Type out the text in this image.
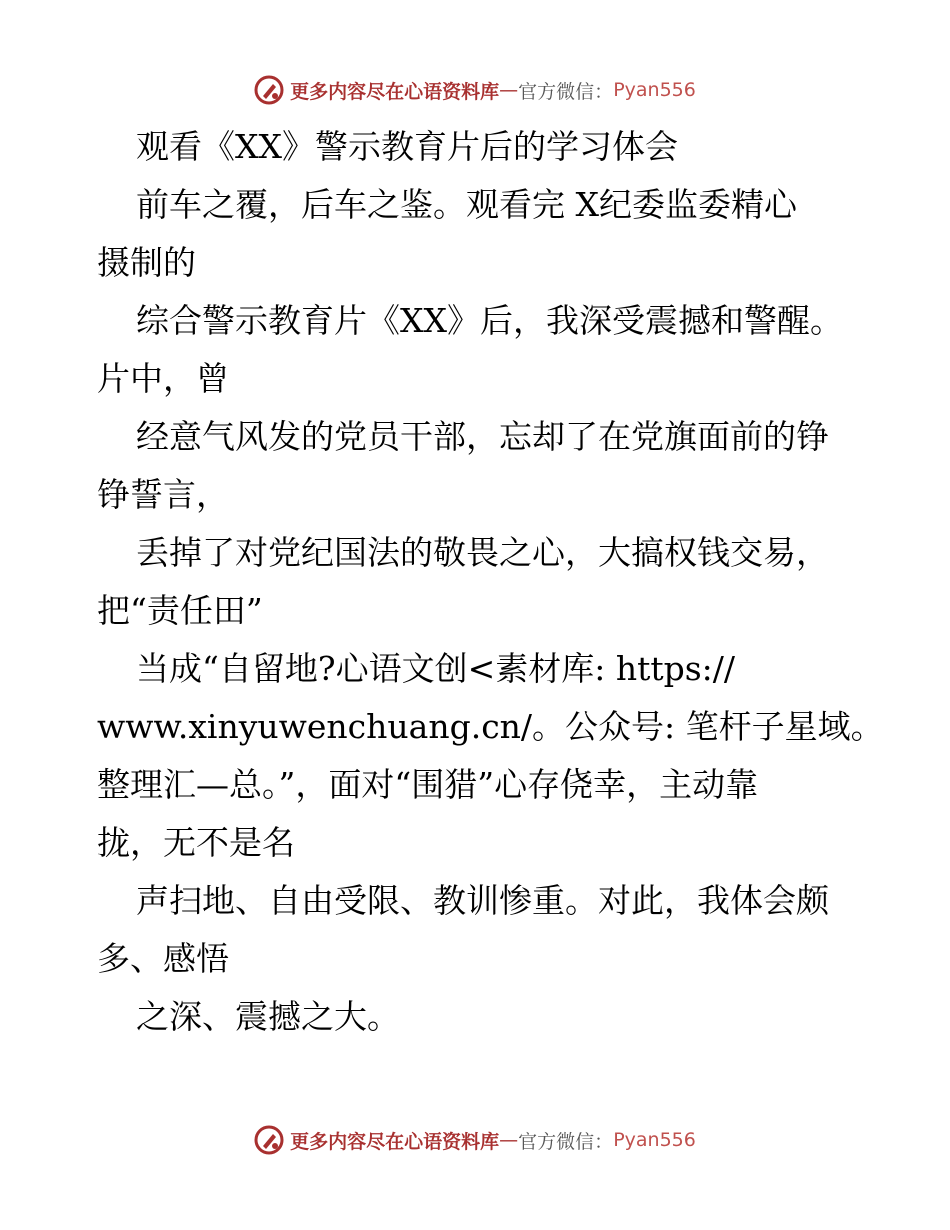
更多内容尽在心语资料库 — 官方微信： Pyan556
观看《XX》警示教育片后的学习体会
前车之覆，后车之鉴。观看完 X纪委监委精心
摄制的
综合警示教育片《XX》后，我深受震撼和警醒。
片中，曾
经意气风发的党员干部，忘却了在党旗面前的铮
铮誓言，
丢掉了对党纪国法的敬畏之心，大搞权钱交易，
把“责任田”
当成“自留地?心语文创<素材库: https://
www.xinyuwenchuang.cn/。公众号: 笔杆子星域。
整理汇—总。”，面对“围猎”心存侥幸，主动靠
拢，无不是名
声扫地、自由受限、教训惨重。对此，我体会颇
多、感悟
之深、震撼之大。
更多内容尽在心语资料库 — 官方微信： Pyan556
